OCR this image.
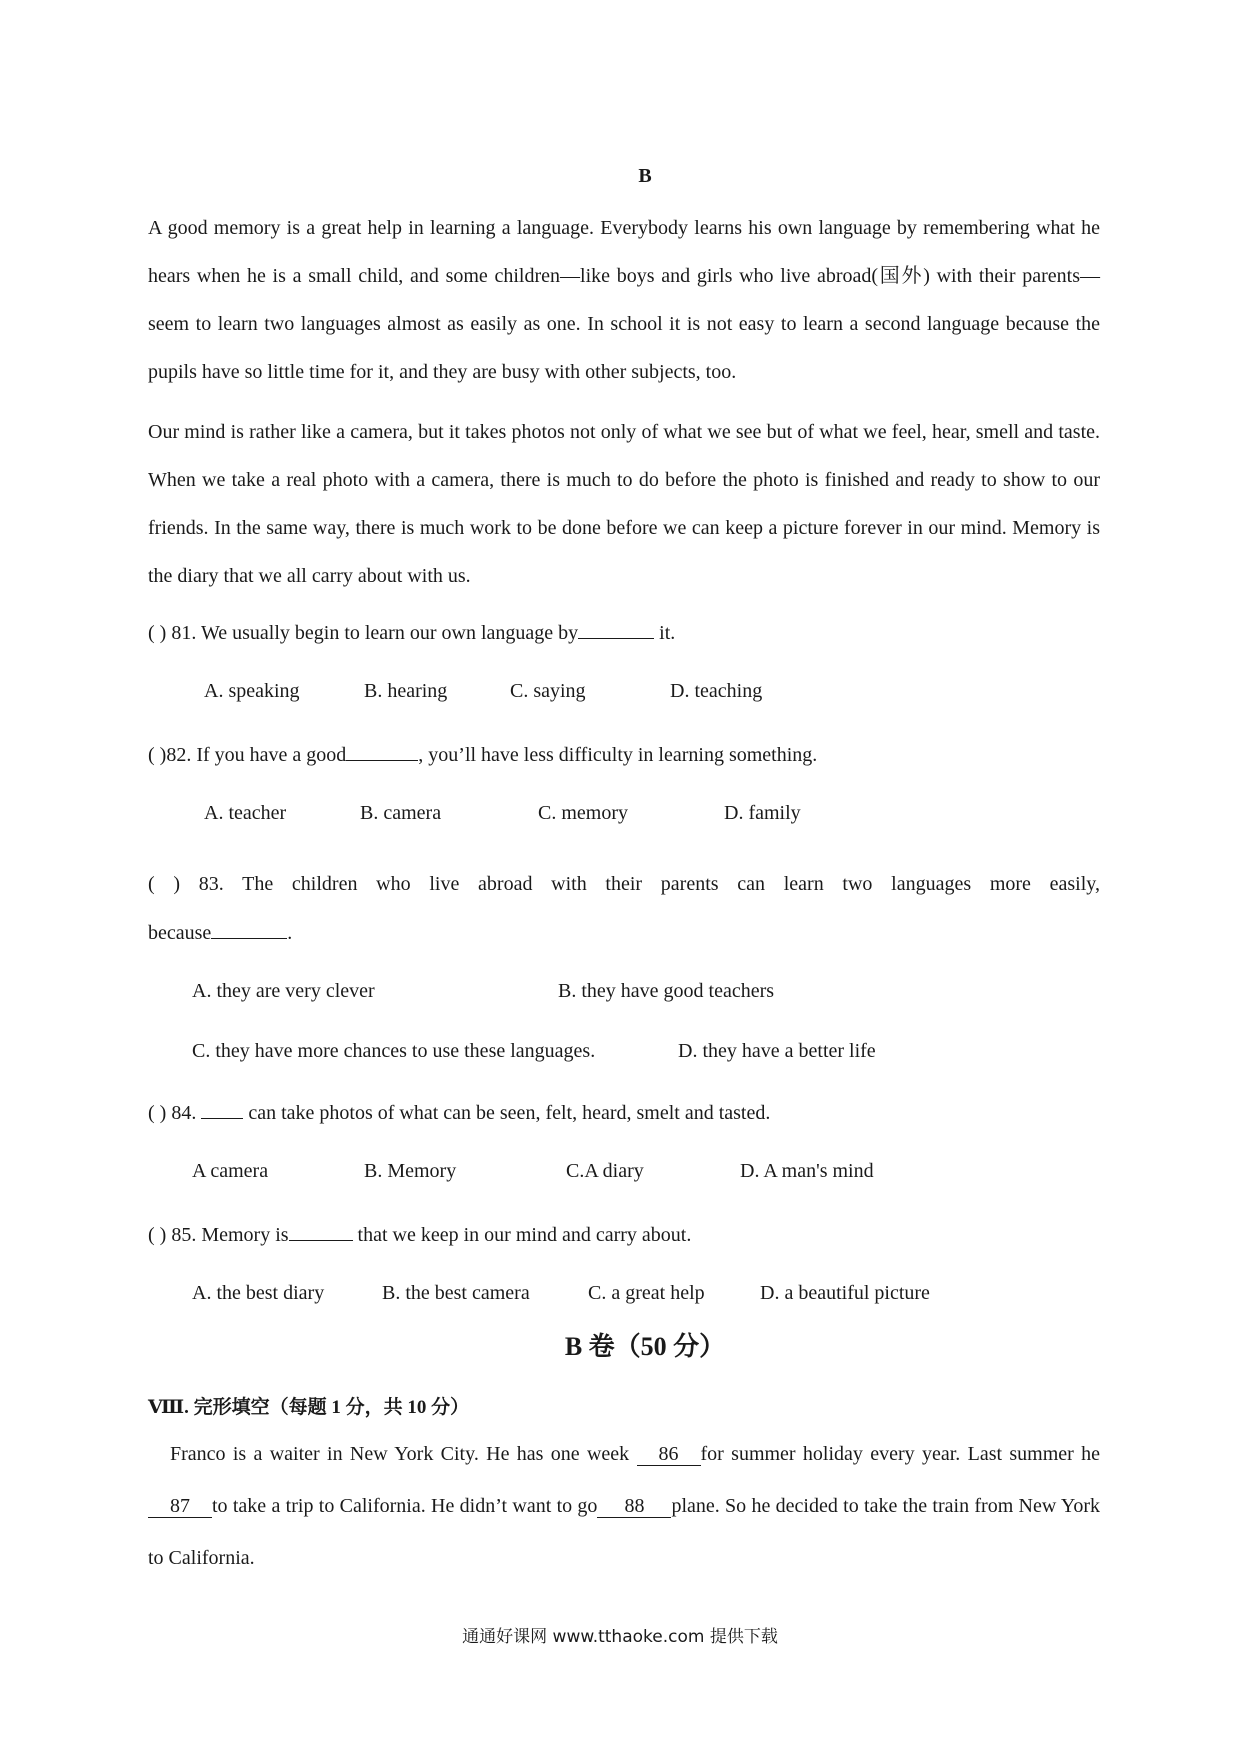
B

A good memory is a great help in learning a language. Everybody learns his own language by remembering what he hears when he is a small child, and some children—like boys and girls who live abroad(国外) with their parents—seem to learn two languages almost as easily as one. In school it is not easy to learn a second language because the pupils have so little time for it, and they are busy with other subjects, too.

Our mind is rather like a camera, but it takes photos not only of what we see but of what we feel, hear, smell and taste. When we take a real photo with a camera, there is much to do before the photo is finished and ready to show to our friends. In the same way, there is much work to be done before we can keep a picture forever in our mind. Memory is the diary that we all carry about with us.

( ) 81. We usually begin to learn our own language by	it.
A. speaking	B. hearing	C. saying	D. teaching
( )82. If you have a good	, you’ll have less difficulty in learning something.
A. teacher	B. camera	C. memory	D. family
( ) 83. The children who live abroad with their parents can learn two languages more easily,
because	.
A. they are very clever	B. they have good teachers
C. they have more chances to use these languages.	D. they have a better life
( ) 84.  can take photos of what can be seen, felt, heard, smelt and tasted.
A camera	B. Memory	C.A diary	D. A man's mind
( ) 85. Memory is	that we keep in our mind and carry about.
A. the best diary	B. the best camera	C. a great help	D. a beautiful picture
B 卷（50 分）
Ⅷ. 完形填空（每题 1 分，共 10 分）

Franco is a waiter in New York City. He has one week 86 for summer holiday every year. Last summer he87 to take a trip to California. He didn’t want to go 88 plane. So he decided to take the train from New York to California.

通通好课网 www.tthaoke.com 提供下载
